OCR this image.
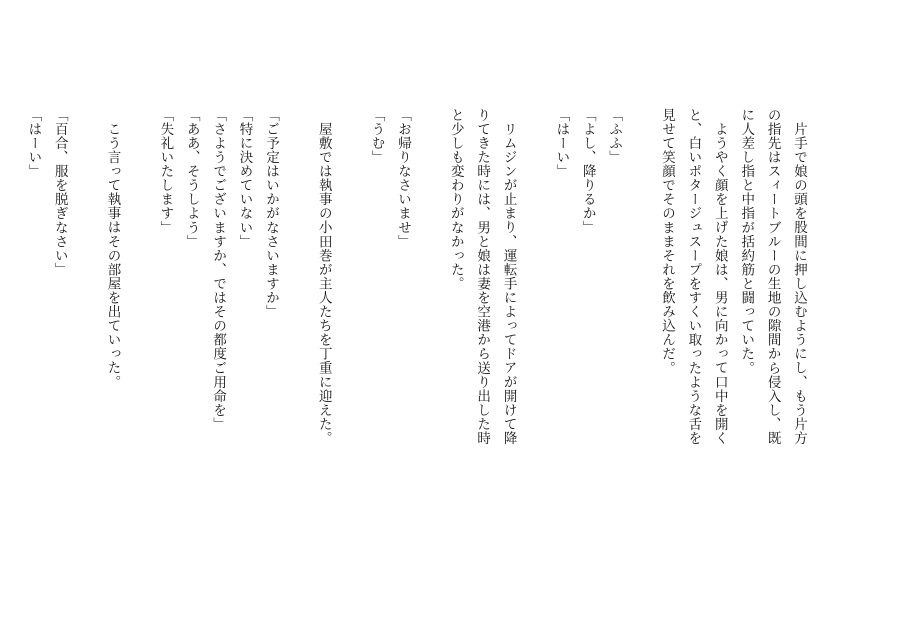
片手で娘の頭を股間に押し込むようにし、もう片方
の指先はスィートブルーの生地の隙間から侵入し、既
に人差し指と中指が括約筋と闘っていた。
ようやく顔を上げた娘は、男に向かって口中を開く
と、白いポタージュスープをすくい取ったような舌を
見せて笑顔でそのままそれを飲み込んだ。
「ふふ」
「よし、降りるか」
「はーい」
リムジンが止まり、運転手によってドアが開けて降
りてきた時には、男と娘は妻を空港から送り出した時
と少しも変わりがなかった。
「お帰りなさいませ」
「うむ」
屋敷では執事の小田巻が主人たちを丁重に迎えた。
「ご予定はいかがなさいますか」
「特に決めていない」
「さようでございますか、ではその都度ご用命を」
「ああ、そうしよう」
「失礼いたします」
こう言って執事はその部屋を出ていった。
「百合、服を脱ぎなさい」
「はーい」
